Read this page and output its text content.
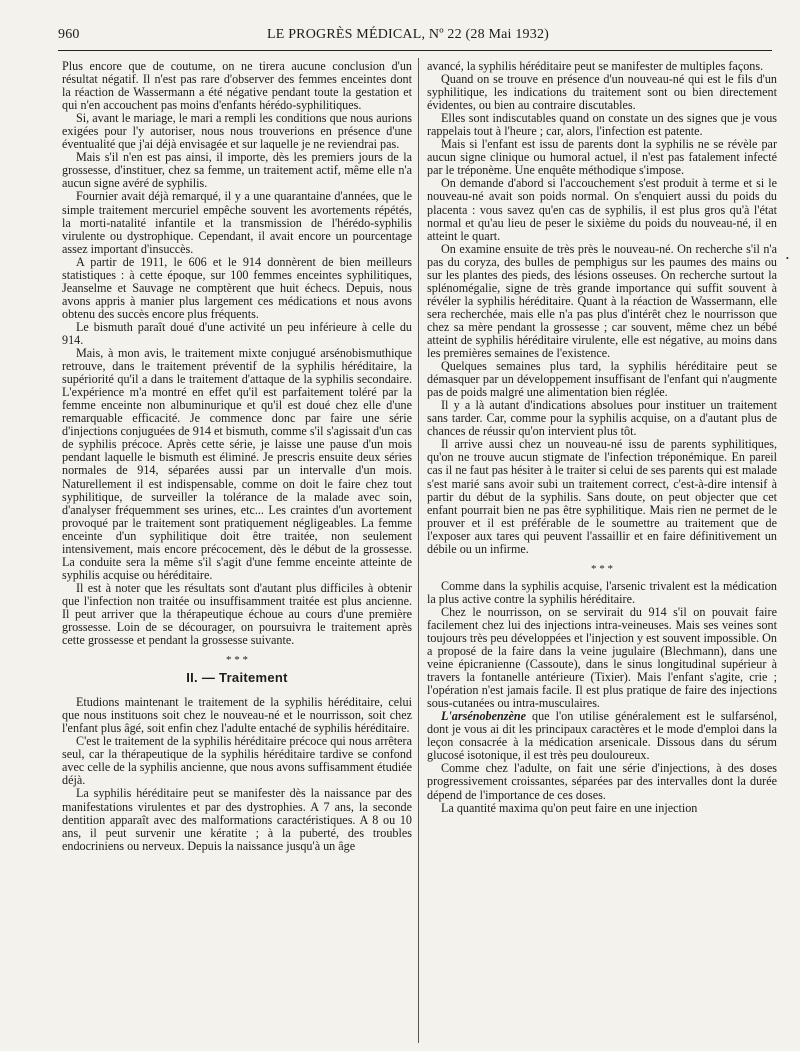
960	LE PROGRÈS MÉDICAL, Nº 22 (28 Mai 1932)
•

Plus encore que de coutume, on ne tirera aucune conclusion d'un résultat négatif. Il n'est pas rare d'observer des femmes enceintes dont la réaction de Wassermann a été négative pendant toute la gestation et qui n'en accouchent pas moins d'enfants hérédo-syphilitiques.

Si, avant le mariage, le mari a rempli les conditions que nous aurions exigées pour l'y autoriser, nous nous trouverions en présence d'une éventualité que j'ai déjà envisagée et sur laquelle je ne reviendrai pas.

Mais s'il n'en est pas ainsi, il importe, dès les premiers jours de la grossesse, d'instituer, chez sa femme, un traitement actif, même elle n'a aucun signe avéré de syphilis.

Fournier avait déjà remarqué, il y a une quarantaine d'années, que le simple traitement mercuriel empêche souvent les avortements répétés, la morti-natalité infantile et la transmission de l'hérédo-syphilis virulente ou dystrophique. Cependant, il avait encore un pourcentage assez important d'insuccès.

A partir de 1911, le 606 et le 914 donnèrent de bien meilleurs statistiques : à cette époque, sur 100 femmes enceintes syphilitiques, Jeanselme et Sauvage ne comptèrent que huit échecs. Depuis, nous avons appris à manier plus largement ces médications et nous avons obtenu des succès encore plus fréquents.

Le bismuth paraît doué d'une activité un peu inférieure à celle du 914.

Mais, à mon avis, le traitement mixte conjugué arsénobismuthique retrouve, dans le traitement préventif de la syphilis héréditaire, la supériorité qu'il a dans le traitement d'attaque de la syphilis secondaire. L'expérience m'a montré en effet qu'il est parfaitement toléré par la femme enceinte non albuminurique et qu'il est doué chez elle d'une remarquable efficacité. Je commence donc par faire une série d'injections conjuguées de 914 et bismuth, comme s'il s'agissait d'un cas de syphilis précoce. Après cette série, je laisse une pause d'un mois pendant laquelle le bismuth est éliminé. Je prescris ensuite deux séries normales de 914, séparées aussi par un intervalle d'un mois. Naturellement il est indispensable, comme on doit le faire chez tout syphilitique, de surveiller la tolérance de la malade avec soin, d'analyser fréquemment ses urines, etc... Les craintes d'un avortement provoqué par le traitement sont pratiquement négligeables. La femme enceinte d'un syphilitique doit être traitée, non seulement intensivement, mais encore précocement, dès le début de la grossesse. La conduite sera la même s'il s'agit d'une femme enceinte atteinte de syphilis acquise ou héréditaire.

Il est à noter que les résultats sont d'autant plus difficiles à obtenir que l'infection non traitée ou insuffisamment traitée est plus ancienne. Il peut arriver que la thérapeutique échoue au cours d'une première grossesse. Loin de se décourager, on poursuivra le traitement après cette grossesse et pendant la grossesse suivante.

* * *
II. — Traitement

Etudions maintenant le traitement de la syphilis héréditaire, celui que nous instituons soit chez le nouveau-né et le nourrisson, soit chez l'enfant plus âgé, soit enfin chez l'adulte entaché de syphilis héréditaire.

C'est le traitement de la syphilis héréditaire précoce qui nous arrêtera seul, car la thérapeutique de la syphilis héréditaire tardive se confond avec celle de la syphilis ancienne, que nous avons suffisamment étudiée déjà.

La syphilis héréditaire peut se manifester dès la naissance par des manifestations virulentes et par des dystrophies. A 7 ans, la seconde dentition apparaît avec des malformations caractéristiques. A 8 ou 10 ans, il peut survenir une kératite ; à la puberté, des troubles endocriniens ou nerveux. Depuis la naissance jusqu'à un âge

avancé, la syphilis héréditaire peut se manifester de multiples façons.

Quand on se trouve en présence d'un nouveau-né qui est le fils d'un syphilitique, les indications du traitement sont ou bien directement évidentes, ou bien au contraire discutables.

Elles sont indiscutables quand on constate un des signes que je vous rappelais tout à l'heure ; car, alors, l'infection est patente.

Mais si l'enfant est issu de parents dont la syphilis ne se révèle par aucun signe clinique ou humoral actuel, il n'est pas fatalement infecté par le tréponème. Une enquête méthodique s'impose.

On demande d'abord si l'accouchement s'est produit à terme et si le nouveau-né avait son poids normal. On s'enquiert aussi du poids du placenta : vous savez qu'en cas de syphilis, il est plus gros qu'à l'état normal et qu'au lieu de peser le sixième du poids du nouveau-né, il en atteint le quart.

On examine ensuite de très près le nouveau-né. On recherche s'il n'a pas du coryza, des bulles de pemphigus sur les paumes des mains ou sur les plantes des pieds, des lésions osseuses. On recherche surtout la splénomégalie, signe de très grande importance qui suffit souvent à révéler la syphilis héréditaire. Quant à la réaction de Wassermann, elle sera recherchée, mais elle n'a pas plus d'intérêt chez le nourrisson que chez sa mère pendant la grossesse ; car souvent, même chez un bébé atteint de syphilis héréditaire virulente, elle est négative, au moins dans les premières semaines de l'existence.

Quelques semaines plus tard, la syphilis héréditaire peut se démasquer par un développement insuffisant de l'enfant qui n'augmente pas de poids malgré une alimentation bien réglée.

Il y a là autant d'indications absolues pour instituer un traitement sans tarder. Car, comme pour la syphilis acquise, on a d'autant plus de chances de réussir qu'on intervient plus tôt.

Il arrive aussi chez un nouveau-né issu de parents syphilitiques, qu'on ne trouve aucun stigmate de l'infection tréponémique. En pareil cas il ne faut pas hésiter à le traiter si celui de ses parents qui est malade s'est marié sans avoir subi un traitement correct, c'est-à-dire intensif à partir du début de la syphilis. Sans doute, on peut objecter que cet enfant pourrait bien ne pas être syphilitique. Mais rien ne permet de le prouver et il est préférable de le soumettre au traitement que de l'exposer aux tares qui peuvent l'assaillir et en faire définitivement un débile ou un infirme.

* * *

Comme dans la syphilis acquise, l'arsenic trivalent est la médication la plus active contre la syphilis héréditaire.

Chez le nourrisson, on se servirait du 914 s'il on pouvait faire facilement chez lui des injections intra-veineuses. Mais ses veines sont toujours très peu développées et l'injection y est souvent impossible. On a proposé de la faire dans la veine jugulaire (Blechmann), dans une veine épicranienne (Cassoute), dans le sinus longitudinal supérieur à travers la fontanelle antérieure (Tixier). Mais l'enfant s'agite, crie ; l'opération n'est jamais facile. Il est plus pratique de faire des injections sous-cutanées ou intra-musculaires.

L'arsénobenzène que l'on utilise généralement est le sulfarsénol, dont je vous ai dit les principaux caractères et le mode d'emploi dans la leçon consacrée à la médication arsenicale. Dissous dans du sérum glucosé isotonique, il est très peu douloureux.

Comme chez l'adulte, on fait une série d'injections, à des doses progressivement croissantes, séparées par des intervalles dont la durée dépend de l'importance de ces doses.

La quantité maxima qu'on peut faire en une injection
